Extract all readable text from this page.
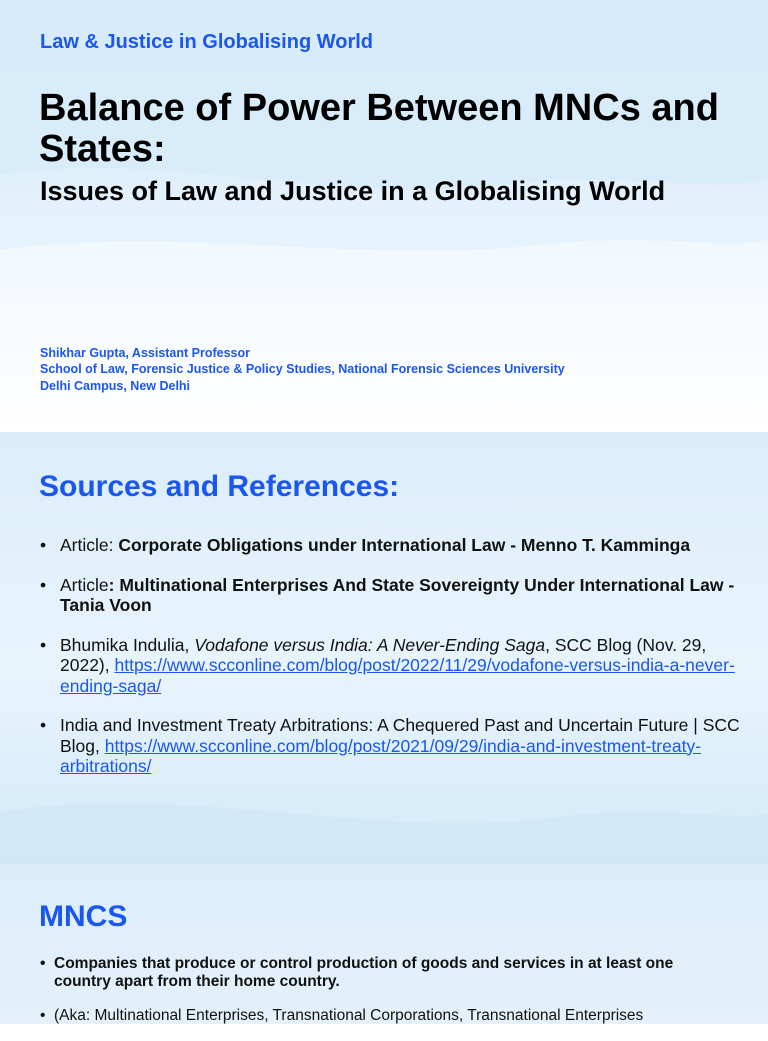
Law & Justice in Globalising World
Balance of Power Between MNCs and States:
Issues of Law and Justice in a Globalising World
Shikhar Gupta, Assistant Professor
School of Law, Forensic Justice & Policy Studies, National Forensic Sciences University
Delhi Campus, New Delhi
Sources and References:
• Article: Corporate Obligations under International Law - Menno T. Kamminga
• Article: Multinational Enterprises And State Sovereignty Under International Law - Tania Voon
• Bhumika Indulia, Vodafone versus India: A Never-Ending Saga, SCC Blog (Nov. 29, 2022), https://www.scconline.com/blog/post/2022/11/29/vodafone-versus-india-a-never-ending-saga/
• India and Investment Treaty Arbitrations: A Chequered Past and Uncertain Future | SCC Blog, https://www.scconline.com/blog/post/2021/09/29/india-and-investment-treaty-arbitrations/
MNCS
• Companies that produce or control production of goods and services in at least one country apart from their home country.
• (Aka: Multinational Enterprises, Transnational Corporations, Transnational Enterprises
